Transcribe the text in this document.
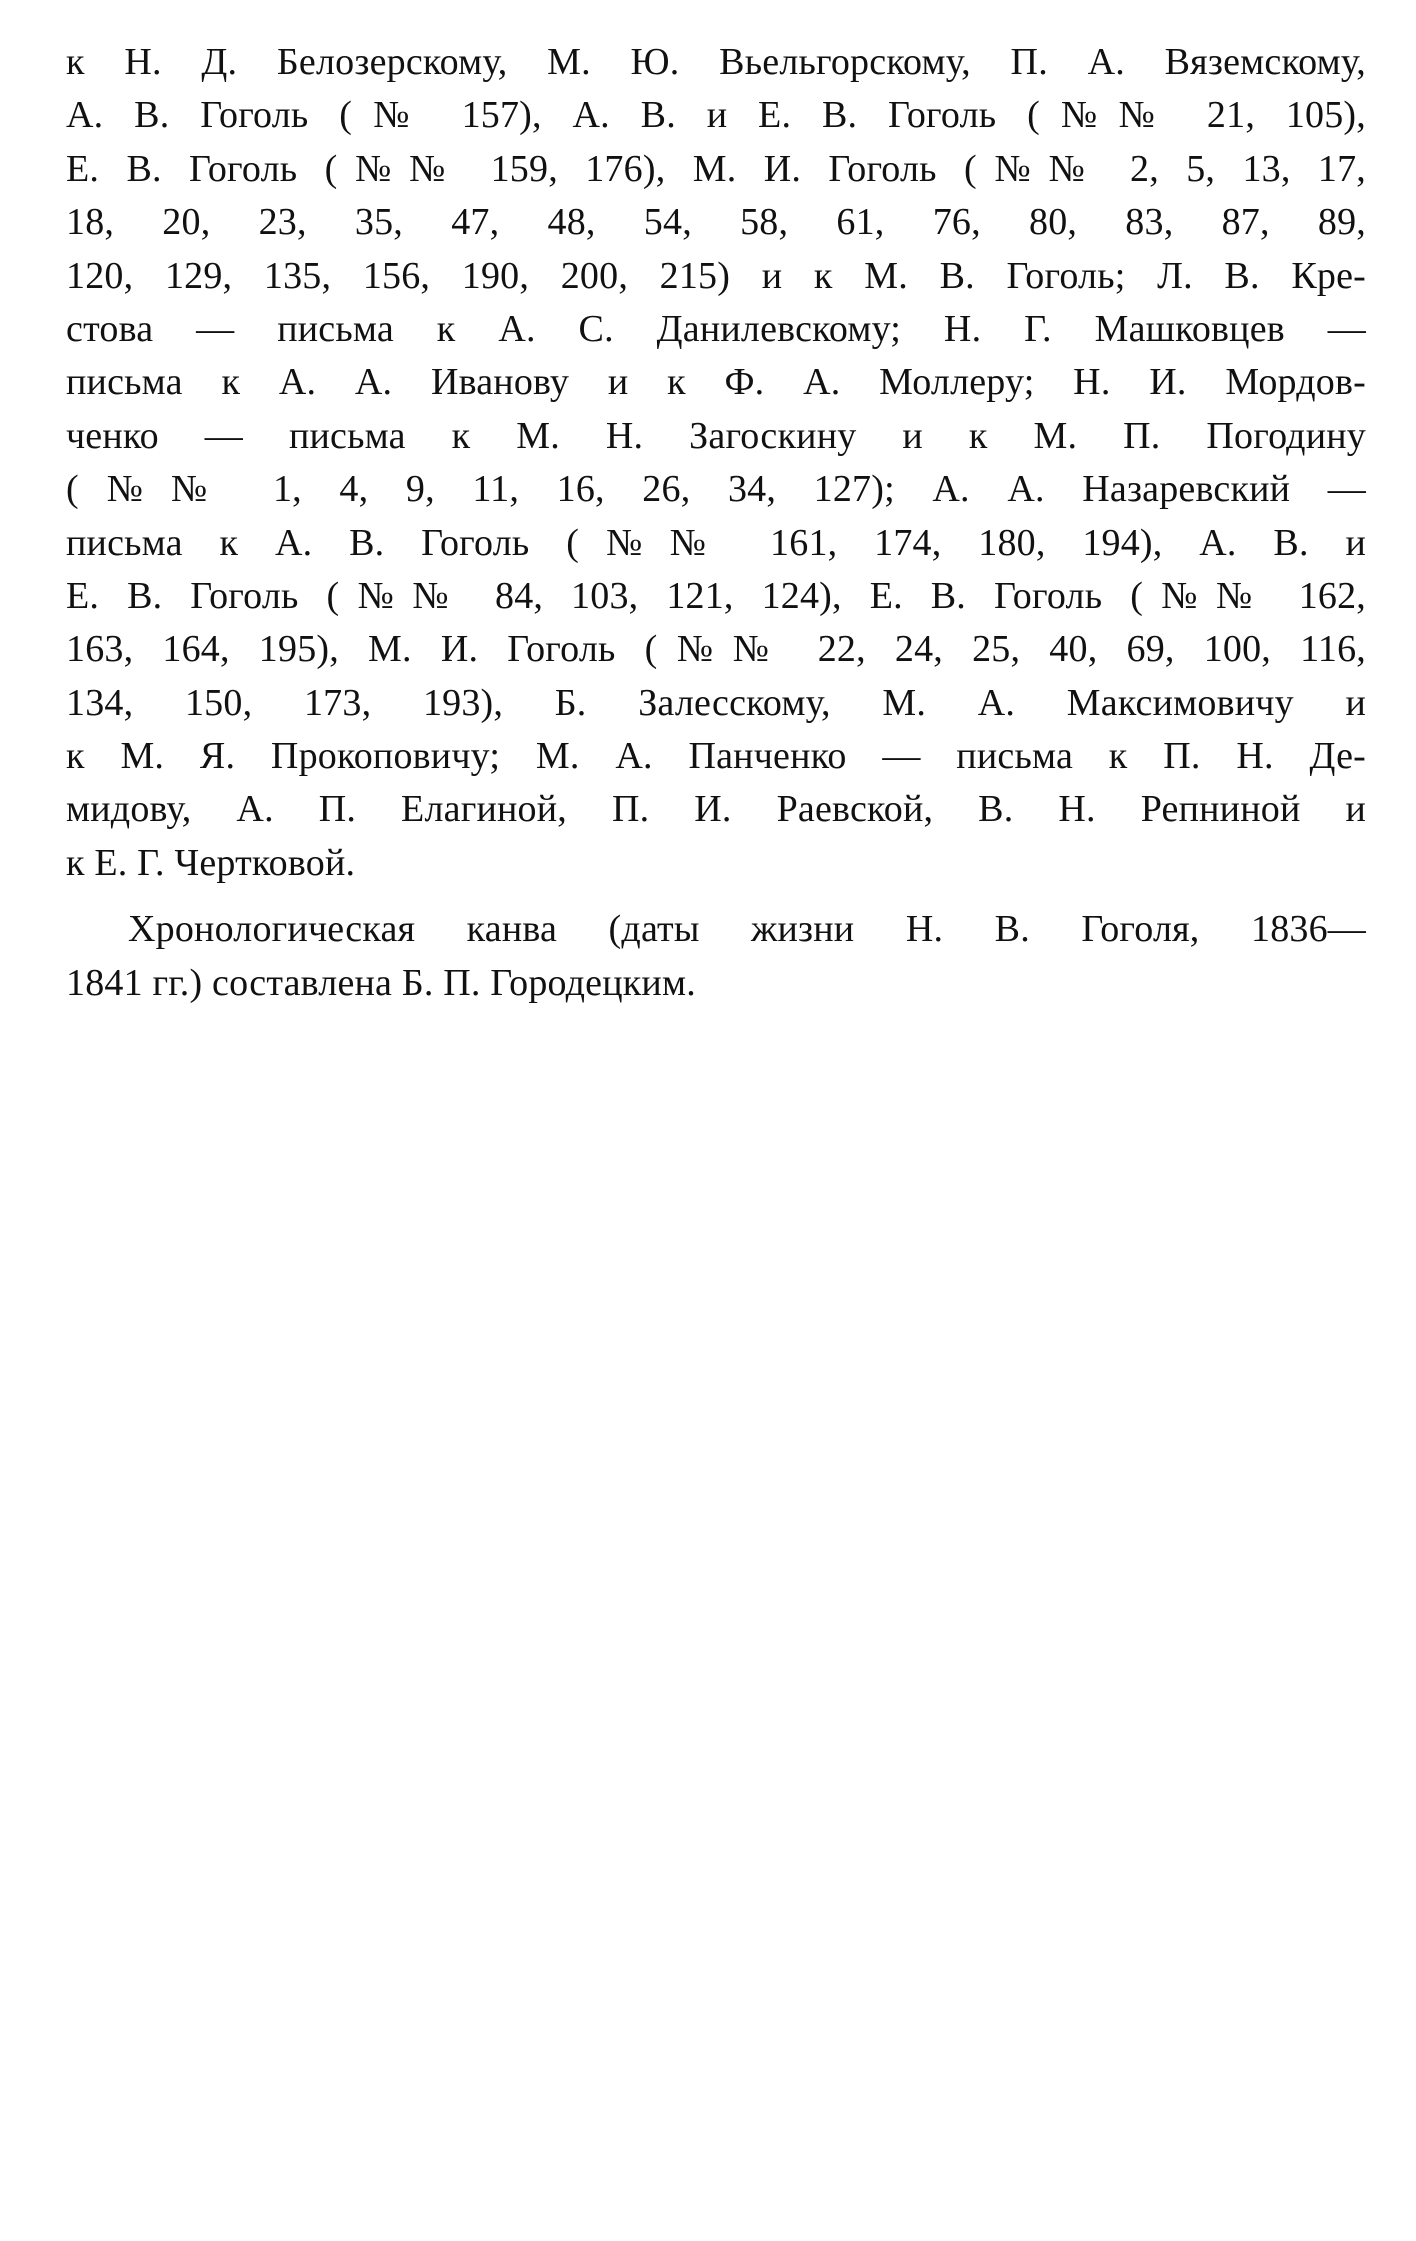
к Н. Д. Белозерскому, М. Ю. Вьельгорскому, П. А. Вяземскому,
А. В. Гоголь (№ 157), А. В. и Е. В. Гоголь (№№ 21, 105),
Е. В. Гоголь (№№ 159, 176), М. И. Гоголь (№№ 2, 5, 13, 17,
18, 20, 23, 35, 47, 48, 54, 58, 61, 76, 80, 83, 87, 89,
120, 129, 135, 156, 190, 200, 215) и к М. В. Гоголь; Л. В. Кре-
стова — письма к А. С. Данилевскому; Н. Г. Машковцев —
письма к А. А. Иванову и к Ф. А. Моллеру; Н. И. Мордов-
ченко — письма к М. Н. Загоскину и к М. П. Погодину
(№№ 1, 4, 9, 11, 16, 26, 34, 127); А. А. Назаревский —
письма к А. В. Гоголь (№№ 161, 174, 180, 194), А. В. и
Е. В. Гоголь (№№ 84, 103, 121, 124), Е. В. Гоголь (№№ 162,
163, 164, 195), М. И. Гоголь (№№ 22, 24, 25, 40, 69, 100, 116,
134, 150, 173, 193), Б. Залесскому, М. А. Максимовичу и
к М. Я. Прокоповичу; М. А. Панченко — письма к П. Н. Де-
мидову, А. П. Елагиной, П. И. Раевской, В. Н. Репниной и
к Е. Г. Чертковой.
Хронологическая канва (даты жизни Н. В. Гоголя, 1836—
1841 гг.) составлена Б. П. Городецким.
